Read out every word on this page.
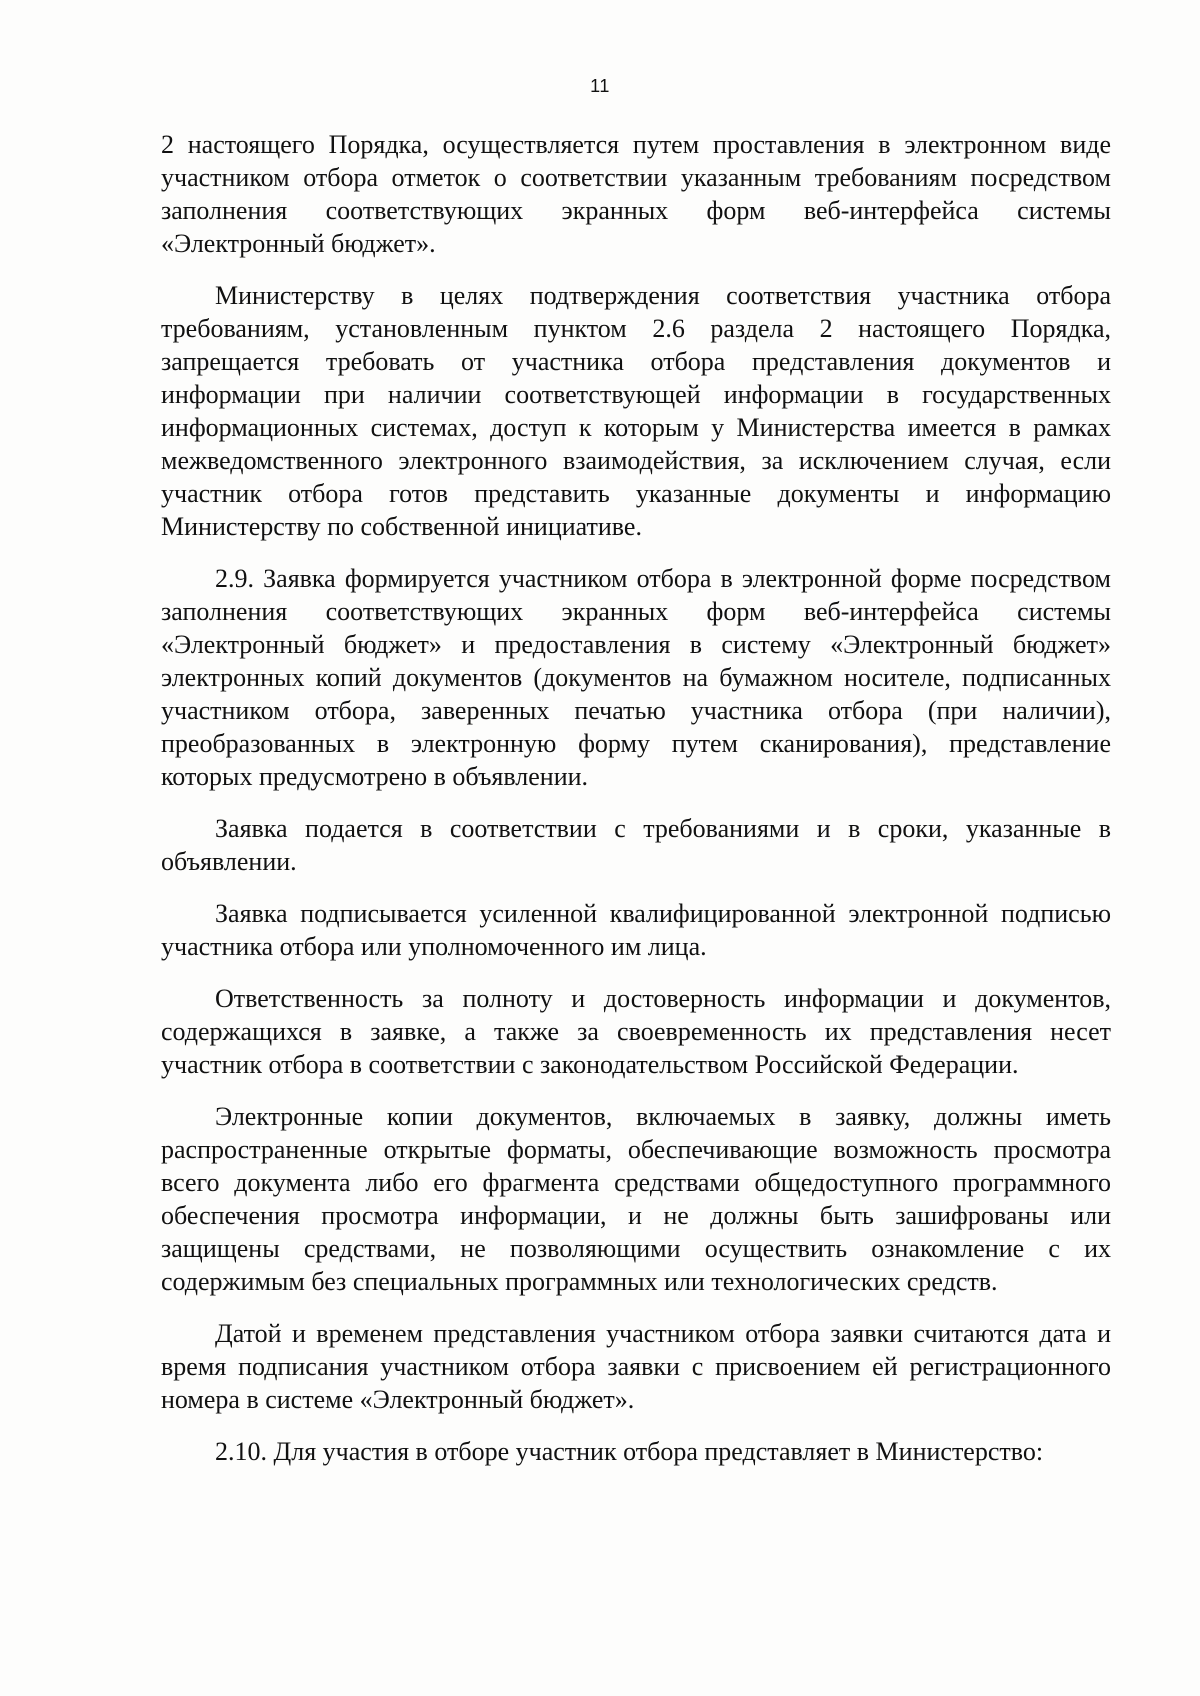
11

2 настоящего Порядка, осуществляется путем проставления в электронном виде участником отбора отметок о соответствии указанным требованиям посредством заполнения соответствующих экранных форм веб-интерфейса системы «Электронный бюджет».

Министерству в целях подтверждения соответствия участника отбора требованиям, установленным пунктом 2.6 раздела 2 настоящего Порядка, запрещается требовать от участника отбора представления документов и информации при наличии соответствующей информации в государственных информационных системах, доступ к которым у Министерства имеется в рамках межведомственного электронного взаимодействия, за исключением случая, если участник отбора готов представить указанные документы и информацию Министерству по собственной инициативе.

2.9. Заявка формируется участником отбора в электронной форме посредством заполнения соответствующих экранных форм веб-интерфейса системы «Электронный бюджет» и предоставления в систему «Электронный бюджет» электронных копий документов (документов на бумажном носителе, подписанных участником отбора, заверенных печатью участника отбора (при наличии), преобразованных в электронную форму путем сканирования), представление которых предусмотрено в объявлении.

Заявка подается в соответствии с требованиями и в сроки, указанные в объявлении.

Заявка подписывается усиленной квалифицированной электронной подписью участника отбора или уполномоченного им лица.

Ответственность за полноту и достоверность информации и документов, содержащихся в заявке, а также за своевременность их представления несет участник отбора в соответствии с законодательством Российской Федерации.

Электронные копии документов, включаемых в заявку, должны иметь распространенные открытые форматы, обеспечивающие возможность просмотра всего документа либо его фрагмента средствами общедоступного программного обеспечения просмотра информации, и не должны быть зашифрованы или защищены средствами, не позволяющими осуществить ознакомление с их содержимым без специальных программных или технологических средств.

Датой и временем представления участником отбора заявки считаются дата и время подписания участником отбора заявки с присвоением ей регистрационного номера в системе «Электронный бюджет».

2.10. Для участия в отборе участник отбора представляет в Министерство:
